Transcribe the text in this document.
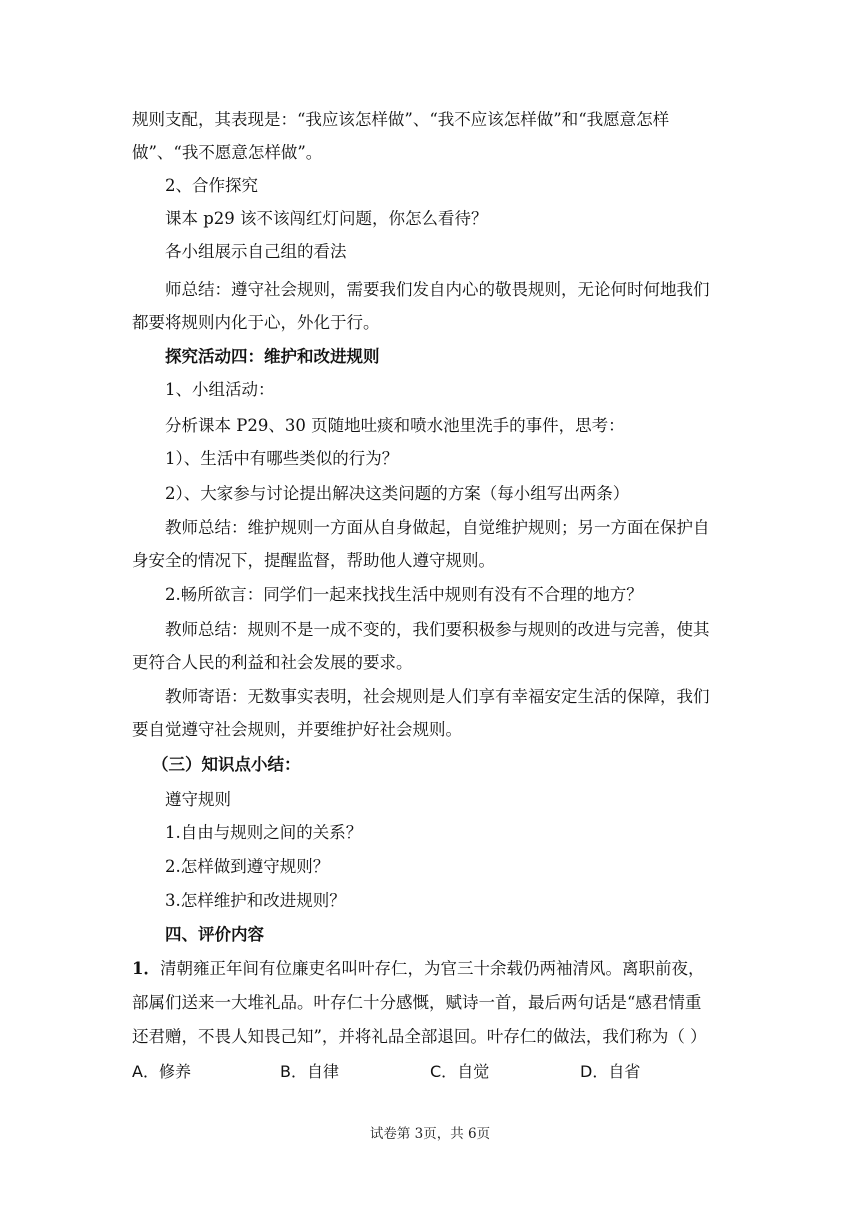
规则支配，其表现是：“我应该怎样做”、“我不应该怎样做”和“我愿意怎样
做”、“我不愿意怎样做”。
2、合作探究
课本 p29 该不该闯红灯问题，你怎么看待？
各小组展示自己组的看法
师总结：遵守社会规则，需要我们发自内心的敬畏规则，无论何时何地我们
都要将规则内化于心，外化于行。
探究活动四：维护和改进规则
1、小组活动：
分析课本 P29、30 页随地吐痰和喷水池里洗手的事件，思考：
1）、生活中有哪些类似的行为？
2）、大家参与讨论提出解决这类问题的方案（每小组写出两条）
教师总结：维护规则一方面从自身做起，自觉维护规则；另一方面在保护自
身安全的情况下，提醒监督，帮助他人遵守规则。
2.畅所欲言：同学们一起来找找生活中规则有没有不合理的地方？
教师总结：规则不是一成不变的，我们要积极参与规则的改进与完善，使其
更符合人民的利益和社会发展的要求。
教师寄语：无数事实表明，社会规则是人们享有幸福安定生活的保障，我们
要自觉遵守社会规则，并要维护好社会规则。
（三）知识点小结：
遵守规则
1.自由与规则之间的关系？
2.怎样做到遵守规则？
3.怎样维护和改进规则？
四、评价内容
1．清朝雍正年间有位廉吏名叫叶存仁，为官三十余载仍两袖清风。离职前夜，
部属们送来一大堆礼品。叶存仁十分感慨，赋诗一首，最后两句话是“感君情重
还君赠，不畏人知畏己知”，并将礼品全部退回。叶存仁的做法，我们称为（ ）
A．修养	B．自律	C．自觉	D．自省
试卷第 3页，共 6页
